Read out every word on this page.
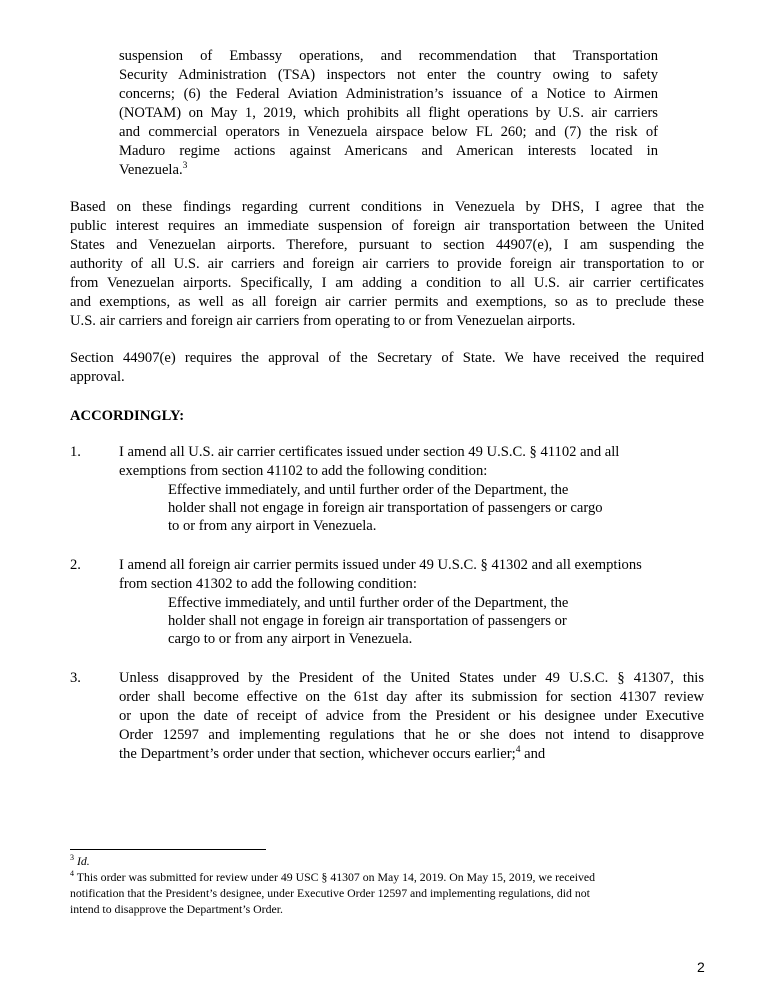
suspension of Embassy operations, and recommendation that Transportation
Security Administration (TSA) inspectors not enter the country owing to safety
concerns; (6) the Federal Aviation Administration’s issuance of a Notice to Airmen
(NOTAM) on May 1, 2019, which prohibits all flight operations by U.S. air carriers
and commercial operators in Venezuela airspace below FL 260; and (7) the risk of
Maduro regime actions against Americans and American interests located in
Venezuela.$^3$
Based on these findings regarding current conditions in Venezuela by DHS, I agree that the
public interest requires an immediate suspension of foreign air transportation between the United
States and Venezuelan airports. Therefore, pursuant to section 44907(e), I am suspending the
authority of all U.S. air carriers and foreign air carriers to provide foreign air transportation to or
from Venezuelan airports. Specifically, I am adding a condition to all U.S. air carrier certificates
and exemptions, as well as all foreign air carrier permits and exemptions, so as to preclude these
U.S. air carriers and foreign air carriers from operating to or from Venezuelan airports.
Section 44907(e) requires the approval of the Secretary of State. We have received the required
approval.
ACCORDINGLY:
1.	I amend all U.S. air carrier certificates issued under section 49 U.S.C. § 41102 and all
exemptions from section 41102 to add the following condition:
Effective immediately, and until further order of the Department, the
holder shall not engage in foreign air transportation of passengers or cargo
to or from any airport in Venezuela.
2.	I amend all foreign air carrier permits issued under 49 U.S.C. § 41302 and all exemptions
from section 41302 to add the following condition:
Effective immediately, and until further order of the Department, the
holder shall not engage in foreign air transportation of passengers or
cargo to or from any airport in Venezuela.
3.	Unless disapproved by the President of the United States under 49 U.S.C. § 41307, this
order shall become effective on the 61st day after its submission for section 41307 review
or upon the date of receipt of advice from the President or his designee under Executive
Order 12597 and implementing regulations that he or she does not intend to disapprove
the Department’s order under that section, whichever occurs earlier;$^4$ and
$^3$ Id.
$^4$ This order was submitted for review under 49 USC § 41307 on May 14, 2019. On May 15, 2019, we received
notification that the President’s designee, under Executive Order 12597 and implementing regulations, did not
intend to disapprove the Department’s Order.
2
